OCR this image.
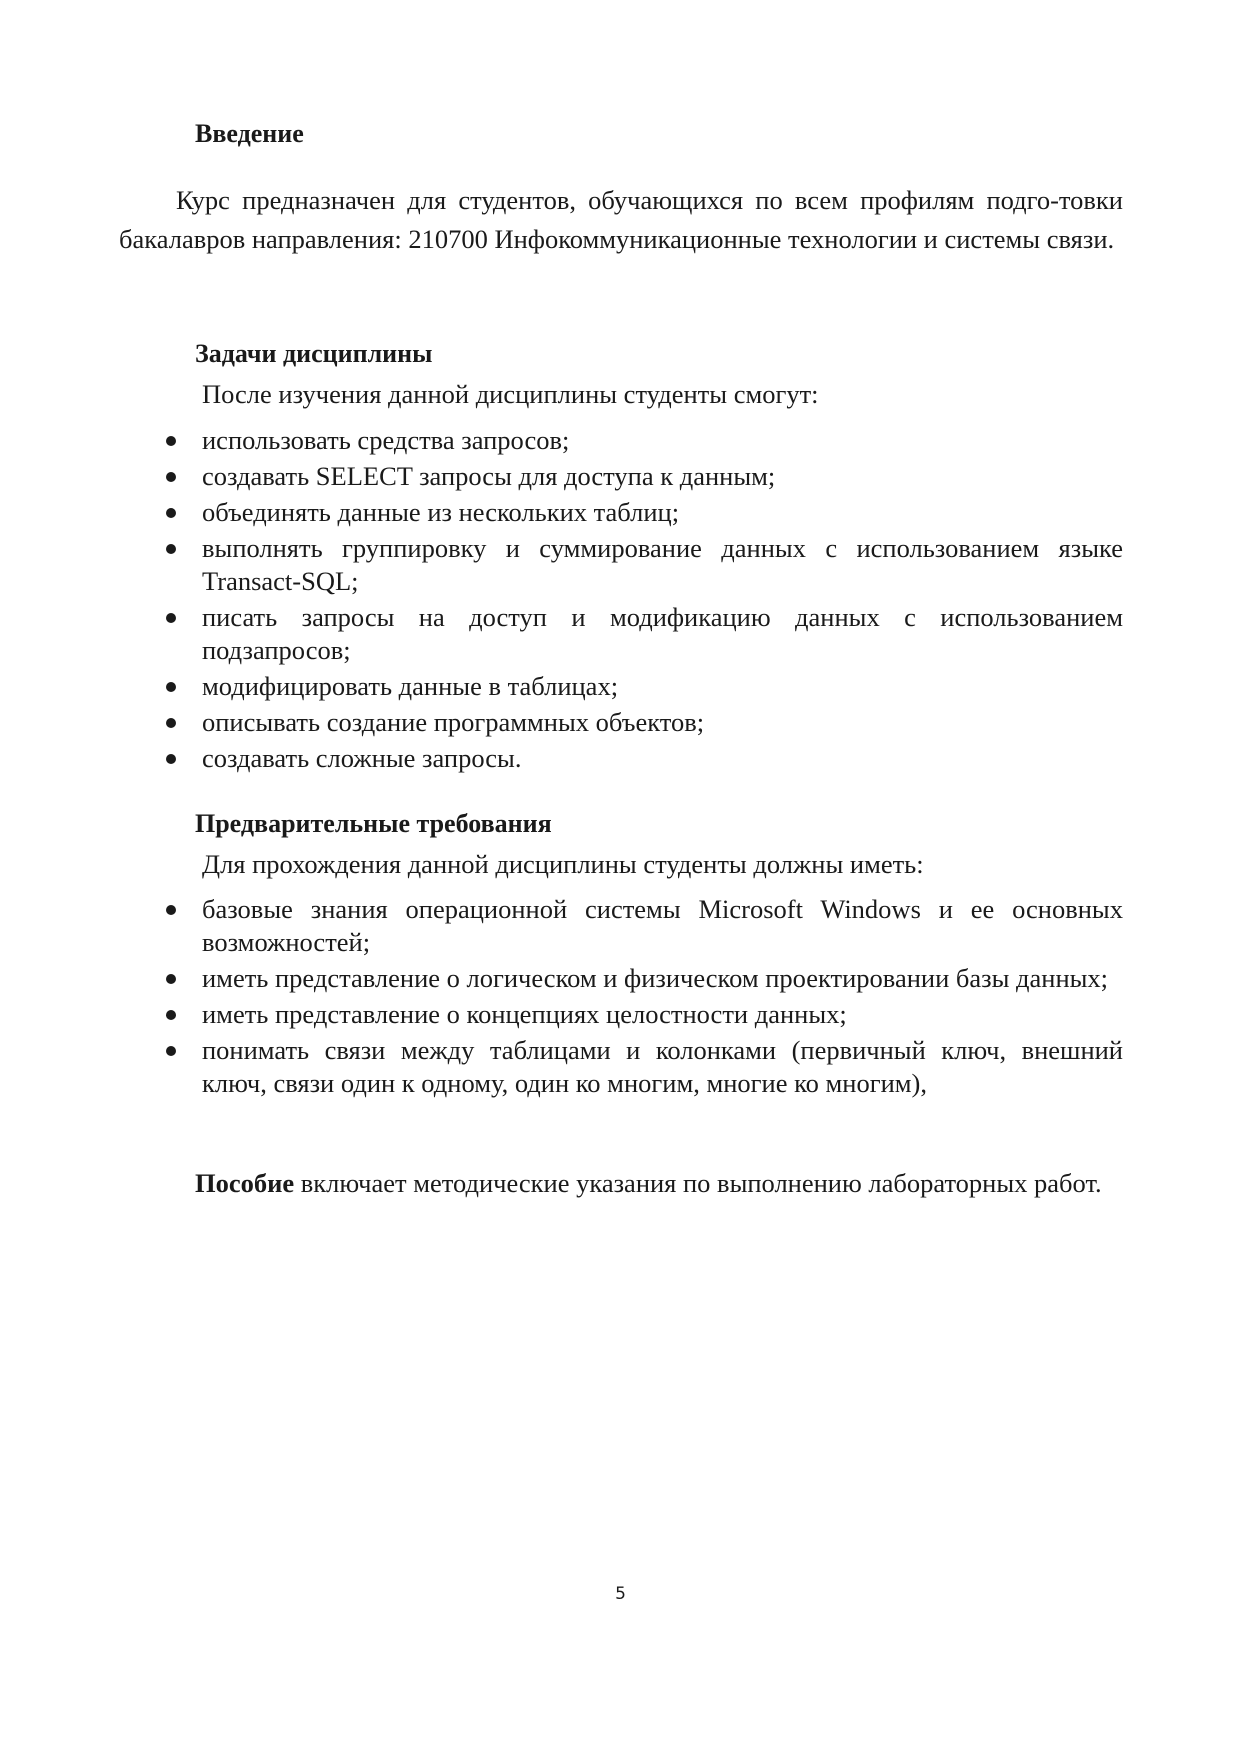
Введение

Курс предназначен для студентов, обучающихся по всем профилям подго-товки бакалавров направления: 210700 Инфокоммуникационные технологии и системы связи.

Задачи дисциплины

После изучения данной дисциплины студенты смогут:

использовать средства запросов;
создавать SELECT запросы для доступа к данным;
объединять данные из нескольких таблиц;
выполнять группировку и суммирование данных с использованием языке Transact-SQL;
писать запросы на доступ и модификацию данных с использованием подзапросов;
модифицировать данные в таблицах;
описывать создание программных объектов;
создавать сложные запросы.
Предварительные требования

Для прохождения данной дисциплины студенты должны иметь:

базовые знания операционной системы Microsoft Windows и ее основных возможностей;
иметь представление о логическом и физическом проектировании базы данных;
иметь представление о концепциях целостности данных;
понимать связи между таблицами и колонками (первичный ключ, внешний ключ, связи один к одному, один ко многим, многие ко многим),

Пособие включает методические указания по выполнению лабораторных работ.

5
